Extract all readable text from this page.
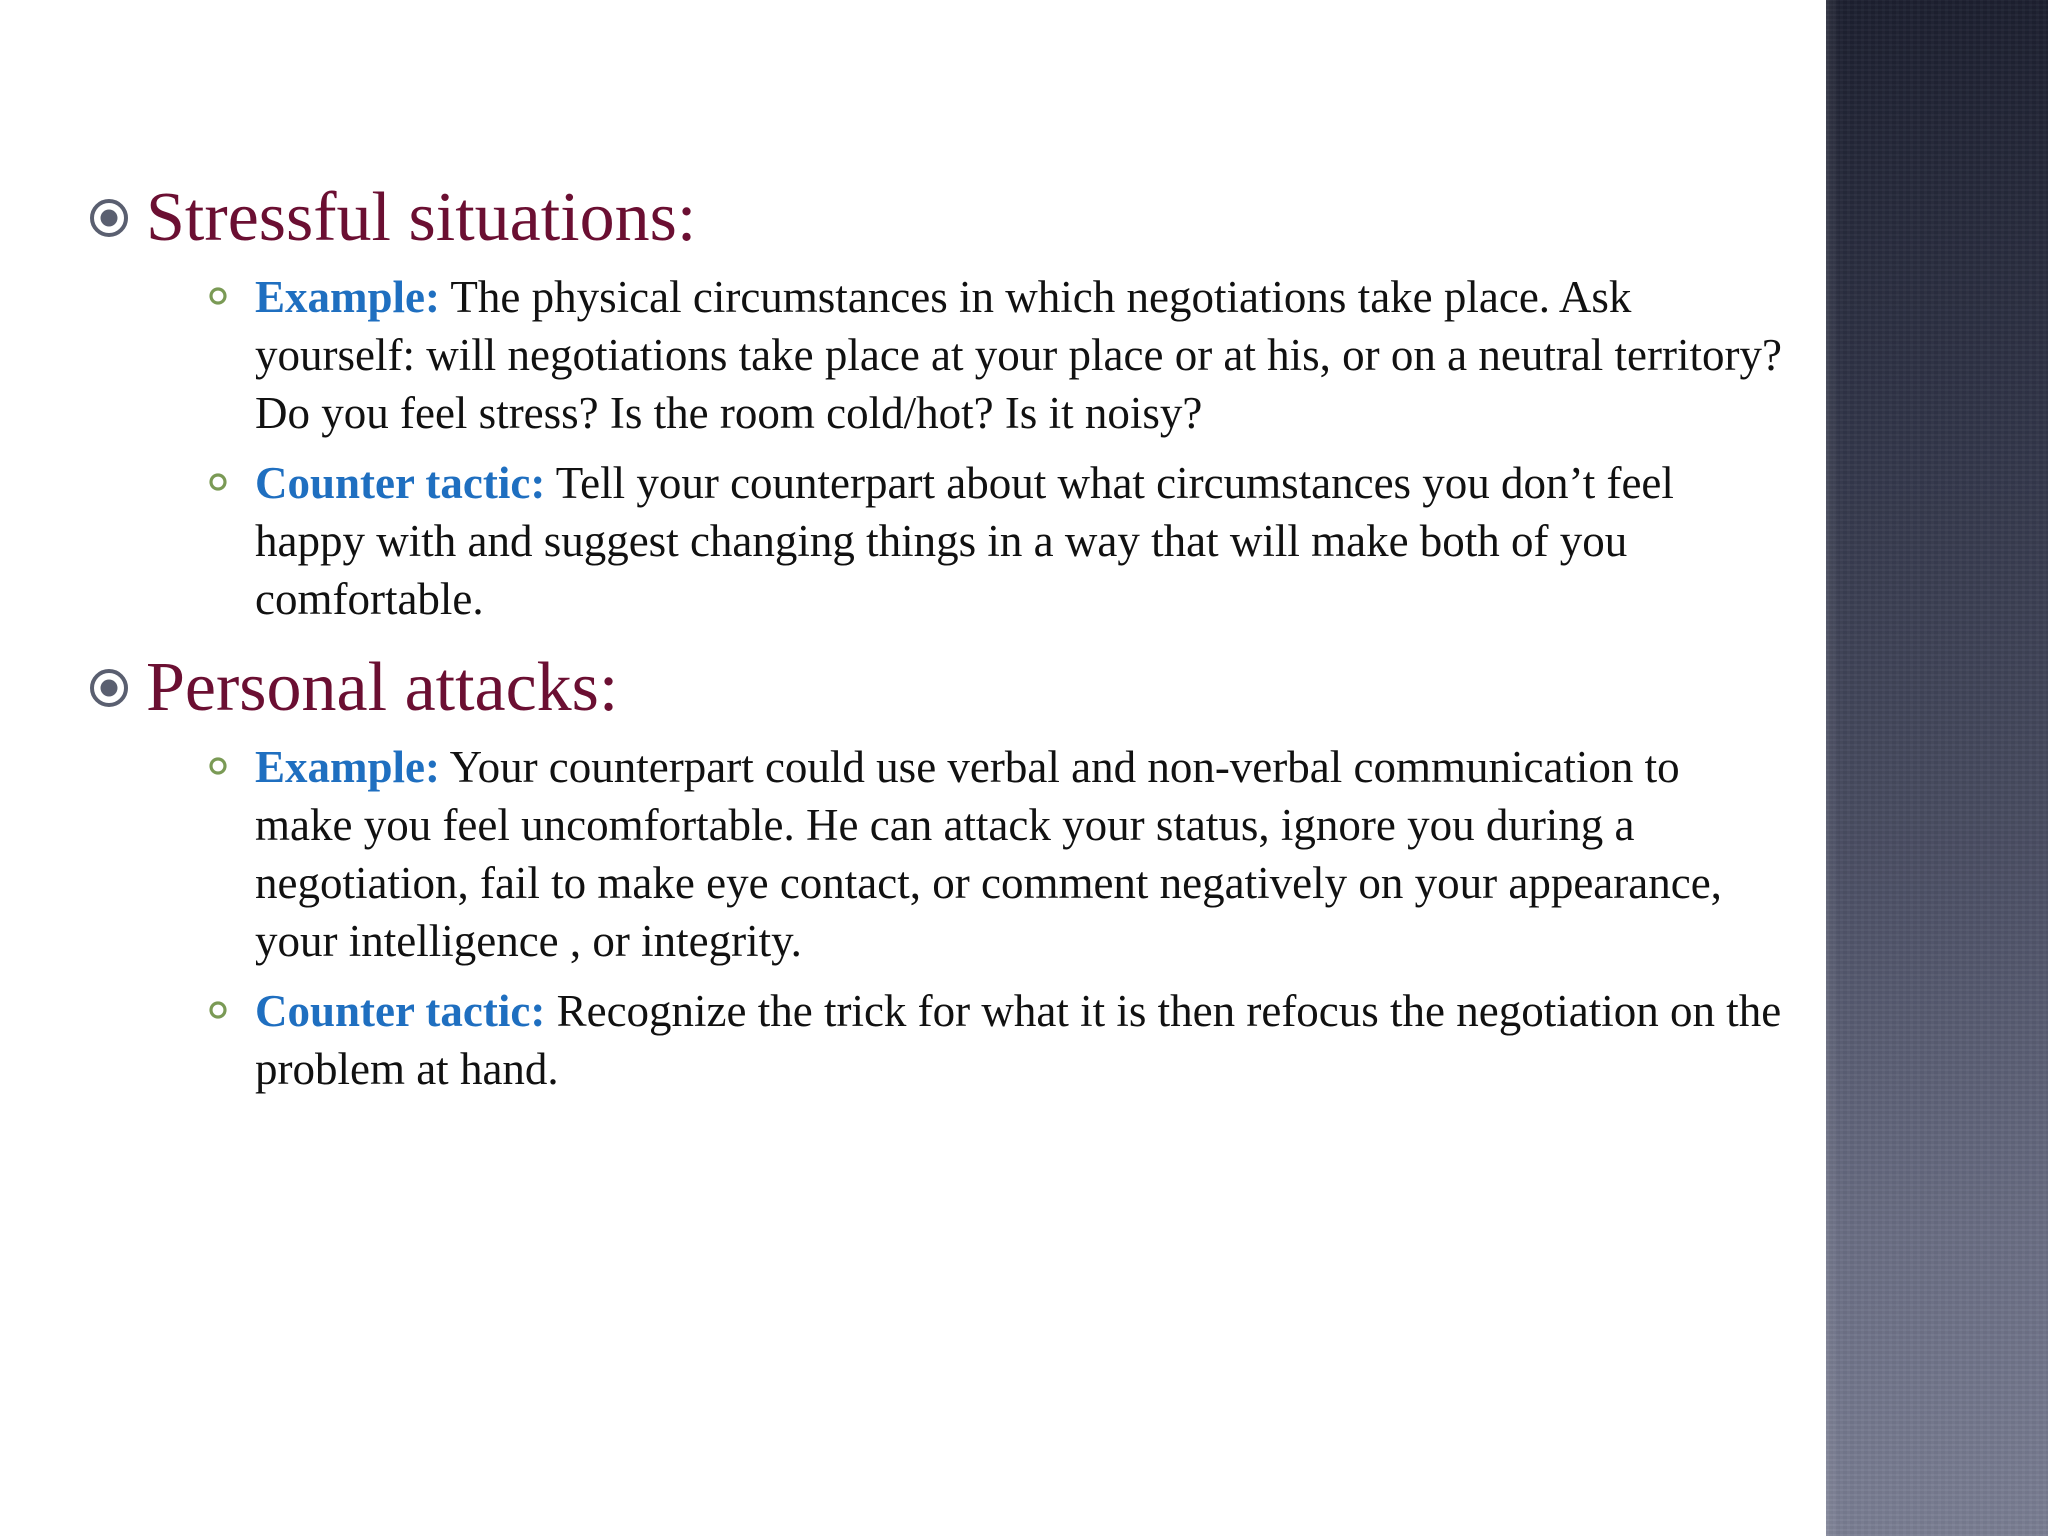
Stressful situations:
Example: The physical circumstances in which negotiations take place. Ask yourself: will negotiations take place at your place or at his, or on a neutral territory? Do you feel stress? Is the room cold/hot? Is it noisy?
Counter tactic: Tell your counterpart about what circumstances you don’t feel happy with and suggest changing things in a way that will make both of you comfortable.
Personal attacks:
Example: Your counterpart could use verbal and non-verbal communication to make you feel uncomfortable. He can attack your status, ignore you during a negotiation, fail to make eye contact, or comment negatively on your appearance, your intelligence , or integrity.
Counter tactic: Recognize the trick for what it is then refocus the negotiation on the problem at hand.
